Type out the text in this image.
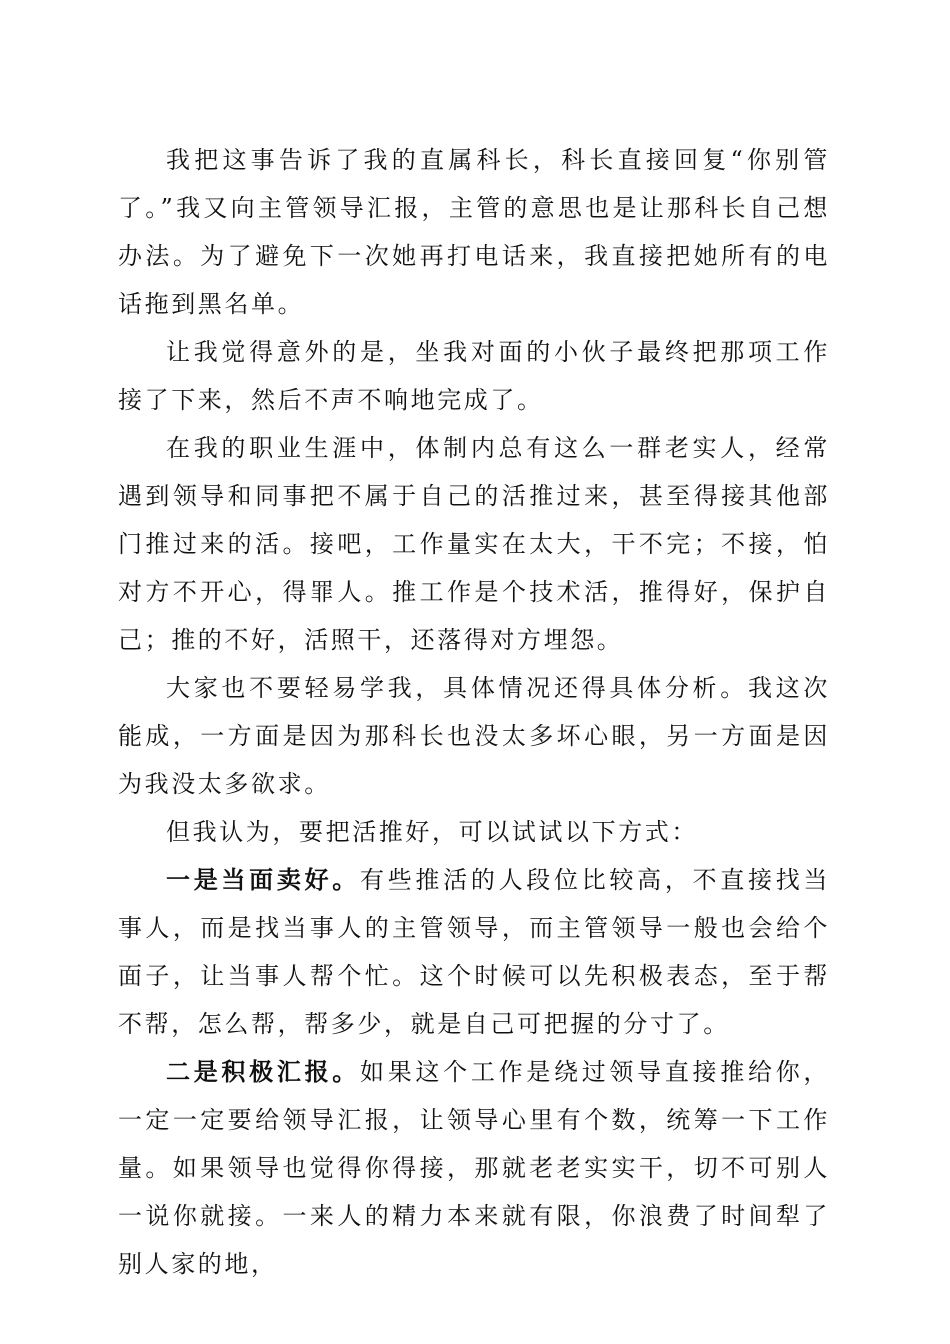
我把这事告诉了我的直属科长，科长直接回复“你别管了。”我又向主管领导汇报，主管的意思也是让那科长自己想办法。为了避免下一次她再打电话来，我直接把她所有的电话拖到黑名单。

让我觉得意外的是，坐我对面的小伙子最终把那项工作接了下来，然后不声不响地完成了。

在我的职业生涯中，体制内总有这么一群老实人，经常遇到领导和同事把不属于自己的活推过来，甚至得接其他部门推过来的活。接吧，工作量实在太大，干不完；不接，怕对方不开心，得罪人。推工作是个技术活，推得好，保护自己；推的不好，活照干，还落得对方埋怨。

大家也不要轻易学我，具体情况还得具体分析。我这次能成，一方面是因为那科长也没太多坏心眼，另一方面是因为我没太多欲求。

但我认为，要把活推好，可以试试以下方式：

一是当面卖好。有些推活的人段位比较高，不直接找当事人，而是找当事人的主管领导，而主管领导一般也会给个面子，让当事人帮个忙。这个时候可以先积极表态，至于帮不帮，怎么帮，帮多少，就是自己可把握的分寸了。

二是积极汇报。如果这个工作是绕过领导直接推给你，一定一定要给领导汇报，让领导心里有个数，统筹一下工作量。如果领导也觉得你得接，那就老老实实干，切不可别人一说你就接。一来人的精力本来就有限，你浪费了时间犁了别人家的地，
